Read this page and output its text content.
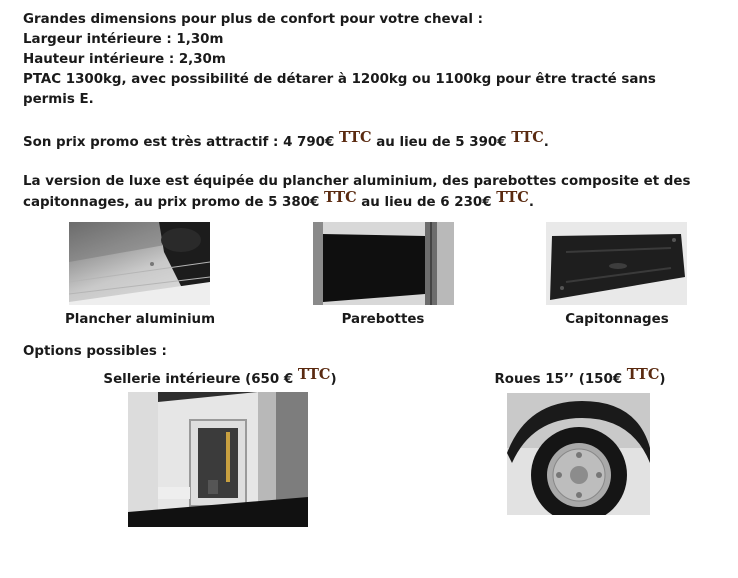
Grandes dimensions pour plus de confort pour votre cheval :
Largeur intérieure : 1,30m
Hauteur intérieure : 2,30m
PTAC 1300kg, avec possibilité de détarer à 1200kg ou 1100kg pour être tracté sans
permis E.
Son prix promo est très attractif : 4 790€ TTC au lieu de 5 390€ TTC.
La version de luxe est équipée du plancher aluminium, des parebottes composite et des
capitonnages, au prix promo de 5 380€ TTC au lieu de 6 230€ TTC.
Plancher aluminium	Parebottes	Capitonnages
Options possibles :
Sellerie intérieure (650 € TTC)	Roues 15’’ (150€ TTC)
